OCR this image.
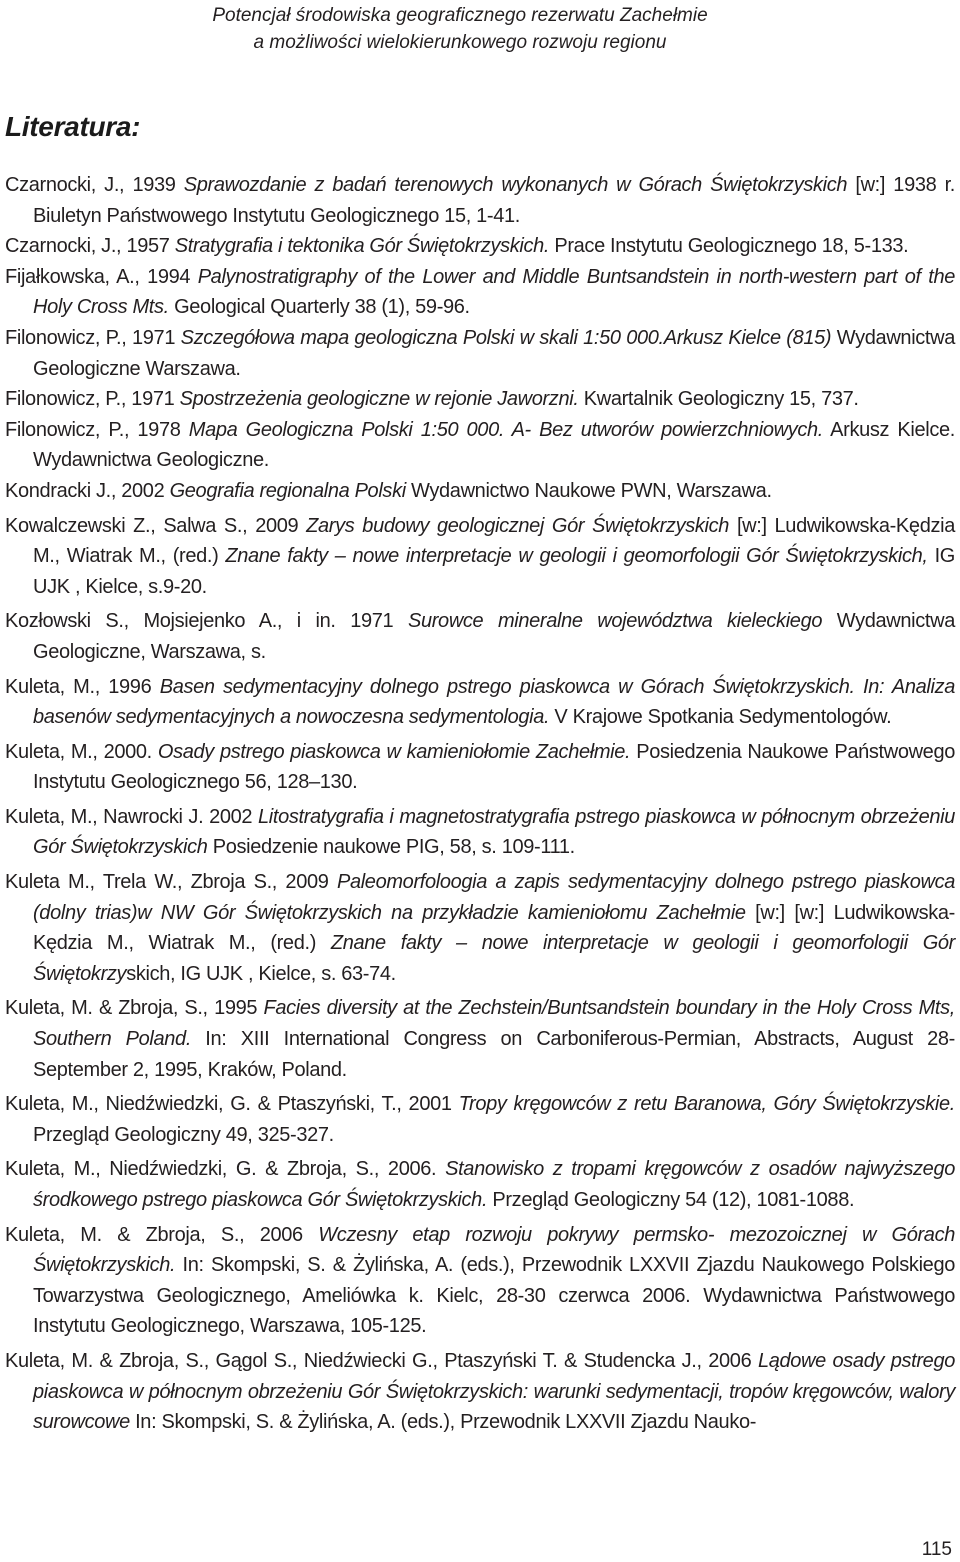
Potencjał środowiska geograficznego rezerwatu Zachełmie
a możliwości wielokierunkowego rozwoju regionu
Literatura:
Czarnocki, J., 1939 Sprawozdanie z badań terenowych wykonanych w Górach Świętokrzyskich [w:] 1938 r. Biuletyn Państwowego Instytutu Geologicznego 15, 1-41.
Czarnocki, J., 1957 Stratygrafia i tektonika Gór Świętokrzyskich. Prace Instytutu Geologicznego 18, 5-133.
Fijałkowska, A., 1994 Palynostratigraphy of the Lower and Middle Buntsandstein in north-western part of the Holy Cross Mts. Geological Quarterly 38 (1), 59-96.
Filonowicz, P., 1971 Szczegółowa mapa geologiczna Polski w skali 1:50 000.Arkusz Kielce (815) Wydawnictwa Geologiczne Warszawa.
Filonowicz, P., 1971 Spostrzeżenia geologiczne w rejonie Jaworzni. Kwartalnik Geologiczny 15, 737.
Filonowicz, P., 1978 Mapa Geologiczna Polski 1:50 000. A- Bez utworów powierzchniowych. Arkusz Kielce. Wydawnictwa Geologiczne.
Kondracki J., 2002 Geografia regionalna Polski Wydawnictwo Naukowe PWN, Warszawa.
Kowalczewski Z., Salwa S., 2009 Zarys budowy geologicznej Gór Świętokrzyskich [w:] Ludwikowska-Kędzia M., Wiatrak M., (red.) Znane fakty – nowe interpretacje w geologii i geomorfologii Gór Świętokrzyskich, IG UJK , Kielce, s.9-20.
Kozłowski S., Mojsiejenko A., i in. 1971 Surowce mineralne województwa kieleckiego Wydawnictwa Geologiczne, Warszawa, s.
Kuleta, M., 1996 Basen sedymentacyjny dolnego pstrego piaskowca w Górach Świętokrzyskich. In: Analiza basenów sedymentacyjnych a nowoczesna sedymentologia. V Krajowe Spotkania Sedymentologów.
Kuleta, M., 2000. Osady pstrego piaskowca w kamieniołomie Zachełmie. Posiedzenia Naukowe Państwowego Instytutu Geologicznego 56, 128–130.
Kuleta, M., Nawrocki J. 2002 Litostratygrafia i magnetostratygrafia pstrego piaskowca w północnym obrzeżeniu Gór Świętokrzyskich Posiedzenie naukowe PIG, 58, s. 109-111.
Kuleta M., Trela W., Zbroja S., 2009 Paleomorfoloogia a zapis sedymentacyjny dolnego pstrego piaskowca (dolny trias)w NW Gór Świętokrzyskich na przykładzie kamieniołomu Zachełmie [w:] [w:] Ludwikowska-Kędzia M., Wiatrak M., (red.) Znane fakty – nowe interpretacje w geologii i geomorfologii Gór Świętokrzyskich, IG UJK , Kielce, s. 63-74.
Kuleta, M. & Zbroja, S., 1995 Facies diversity at the Zechstein/Buntsandstein boundary in the Holy Cross Mts, Southern Poland. In: XIII International Congress on Carboniferous-Permian, Abstracts, August 28-September 2, 1995, Kraków, Poland.
Kuleta, M., Niedźwiedzki, G. & Ptaszyński, T., 2001 Tropy kręgowców z retu Baranowa, Góry Świętokrzyskie. Przegląd Geologiczny 49, 325-327.
Kuleta, M., Niedźwiedzki, G. & Zbroja, S., 2006. Stanowisko z tropami kręgowców z osadów najwyższego środkowego pstrego piaskowca Gór Świętokrzyskich. Przegląd Geologiczny 54 (12), 1081-1088.
Kuleta, M. & Zbroja, S., 2006 Wczesny etap rozwoju pokrywy permsko- mezozoicznej w Górach Świętokrzyskich. In: Skompski, S. & Żylińska, A. (eds.), Przewodnik LXXVII Zjazdu Naukowego Polskiego Towarzystwa Geologicznego, Ameliówka k. Kielc, 28-30 czerwca 2006. Wydawnictwa Państwowego Instytutu Geologicznego, Warszawa, 105-125.
Kuleta, M. & Zbroja, S., Gągol S., Niedźwiecki G., Ptaszyński T. & Studencka J., 2006 Lądowe osady pstrego piaskowca w północnym obrzeżeniu Gór Świętokrzyskich: warunki sedymentacji, tropów kręgowców, walory surowcowe In: Skompski, S. & Żylińska, A. (eds.), Przewodnik LXXVII Zjazdu Nauko-
115
